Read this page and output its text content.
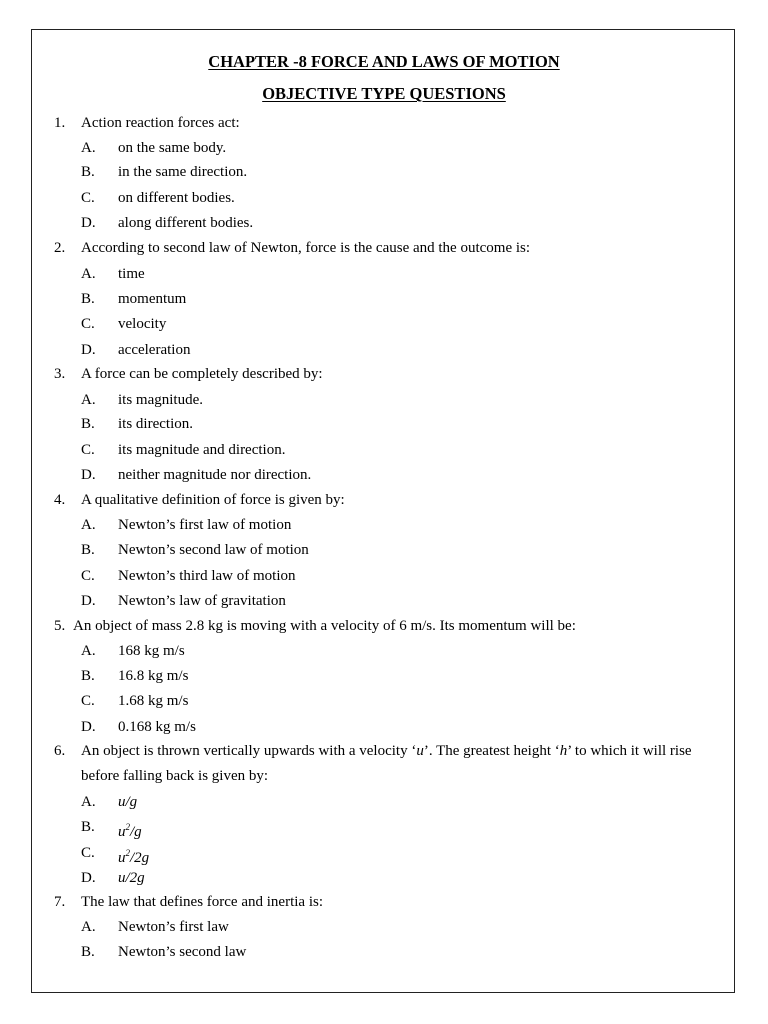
CHAPTER -8 FORCE AND LAWS OF MOTION
OBJECTIVE TYPE QUESTIONS
1. Action reaction forces act:
A. on the same body.
B. in the same direction.
C. on different bodies.
D. along different bodies.
2. According to second law of Newton, force is the cause and the outcome is:
A. time
B. momentum
C. velocity
D. acceleration
3. A force can be completely described by:
A. its magnitude.
B. its direction.
C. its magnitude and direction.
D. neither magnitude nor direction.
4. A qualitative definition of force is given by:
A. Newton’s first law of motion
B. Newton’s second law of motion
C. Newton’s third law of motion
D. Newton’s law of gravitation
5. An object of mass 2.8 kg is moving with a velocity of 6 m/s. Its momentum will be:
A. 168 kg m/s
B. 16.8 kg m/s
C. 1.68 kg m/s
D. 0.168 kg m/s
6. An object is thrown vertically upwards with a velocity ‘u’. The greatest height ‘h’ to which it will rise
before falling back is given by:
A. u/g
B. $u^2/g$
C. $u^2/2g$
D. u/2g
7. The law that defines force and inertia is:
A. Newton’s first law
B. Newton’s second law
